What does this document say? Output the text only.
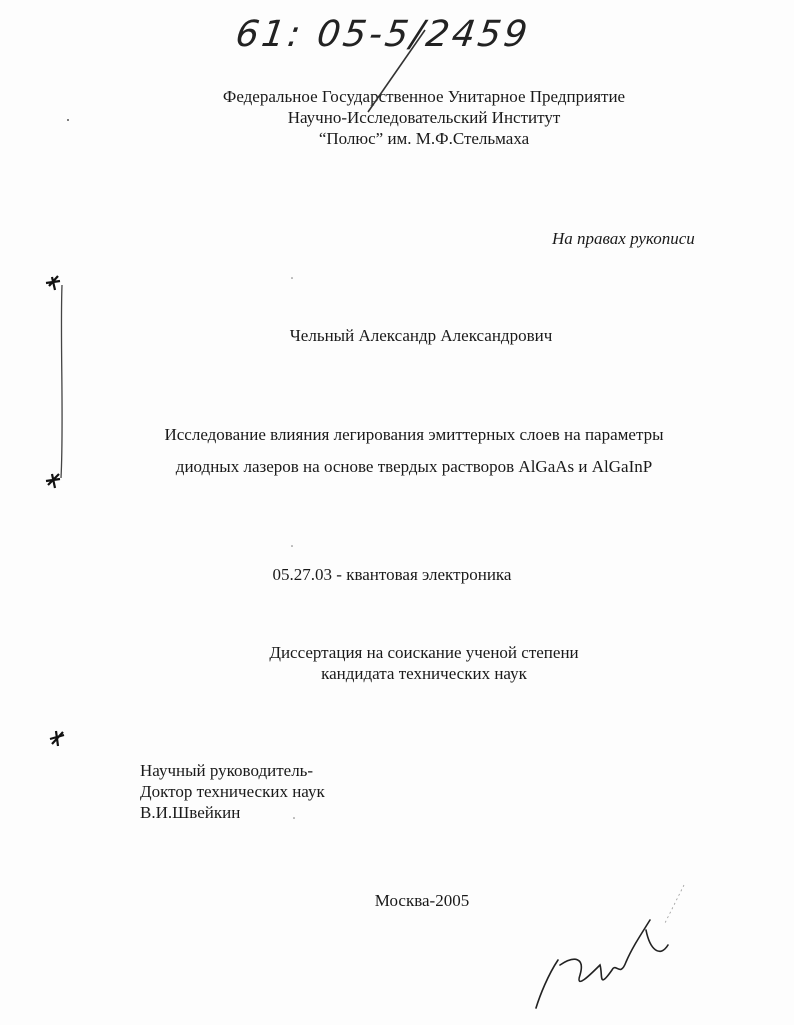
61: 05-5/2459
Федеральное Государственное Унитарное Предприятие
Научно-Исследовательский Институт
“Полюс” им. М.Ф.Стельмаха
На правах рукописи
Чельный Александр Александрович
Исследование влияния легирования эмиттерных слоев на параметры
диодных лазеров на основе твердых растворов AlGaAs и AlGaInP
05.27.03 - квантовая электроника
Диссертация на соискание ученой степени
кандидата технических наук
Научный руководитель-
Доктор технических наук
В.И.Швейкин
Москва-2005
